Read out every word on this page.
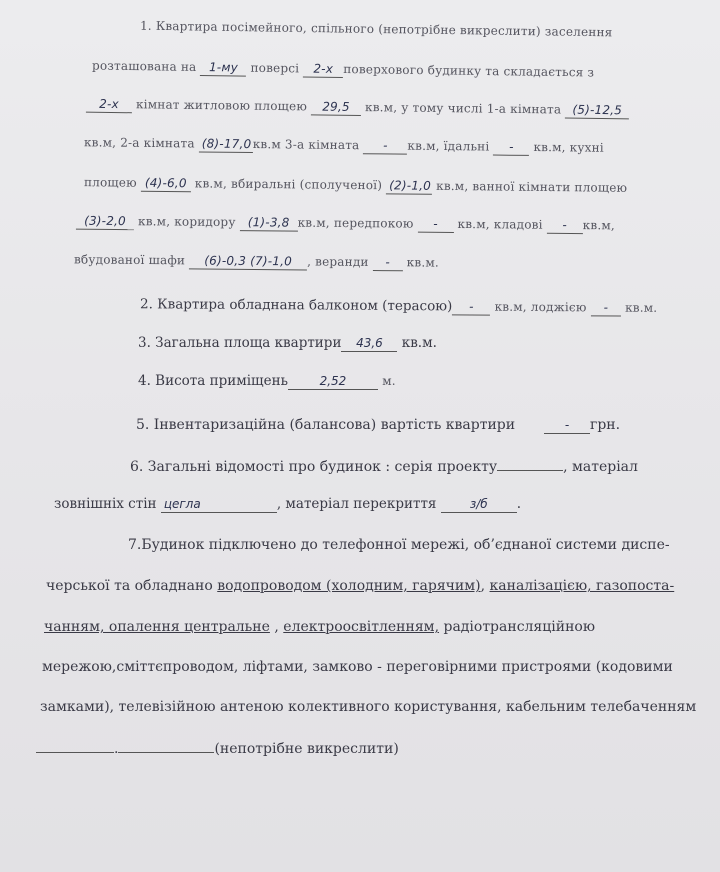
1. Квартира посімейного, спільного (непотрібне викреслити) заселення
розташована на 1-му поверсі 2-х поверхового будинку та складається з
2-х кімнат житловою площею 29,5 кв.м, у тому числі 1-а кімната (5)-12,5
кв.м, 2-а кімната (8)-17,0кв.м 3-а кімната - кв.м, їдальні - кв.м, кухні
площею (4)-6,0 кв.м, вбиральні (сполученої) (2)-1,0 кв.м, ванної кімнати площею
(3)-2,0 кв.м, коридору (1)-3,8 кв.м, передпокою - кв.м, кладові - кв.м,
вбудованої шафи (6)-0,3 (7)-1,0 , веранди - кв.м.
2. Квартира обладнана балконом (терасою) - кв.м, лоджією - кв.м.
3. Загальна площа квартири 43,6 кв.м.
4. Висота приміщень	2,52	м.
5. Інвентаризаційна (балансова) вартість квартири	- грн.
6. Загальні відомості про будинок : серія проекту	, матеріал
зовнішніх стін цегла	, матеріал перекриття	з/б .
7.Будинок підключено до телефонної мережі, об’єднаної системи диспе-
черської та обладнано водопроводом (холодним, гарячим), каналізацією, газопоста-
чанням, опалення центральне , електроосвітленням, радіотрансляційною
мережою,сміттєпроводом, ліфтами, замково - переговірними пристроями (кодовими
замками), телевізійною антеною колективного користування, кабельним телебаченням
.	(непотрібне викреслити)
